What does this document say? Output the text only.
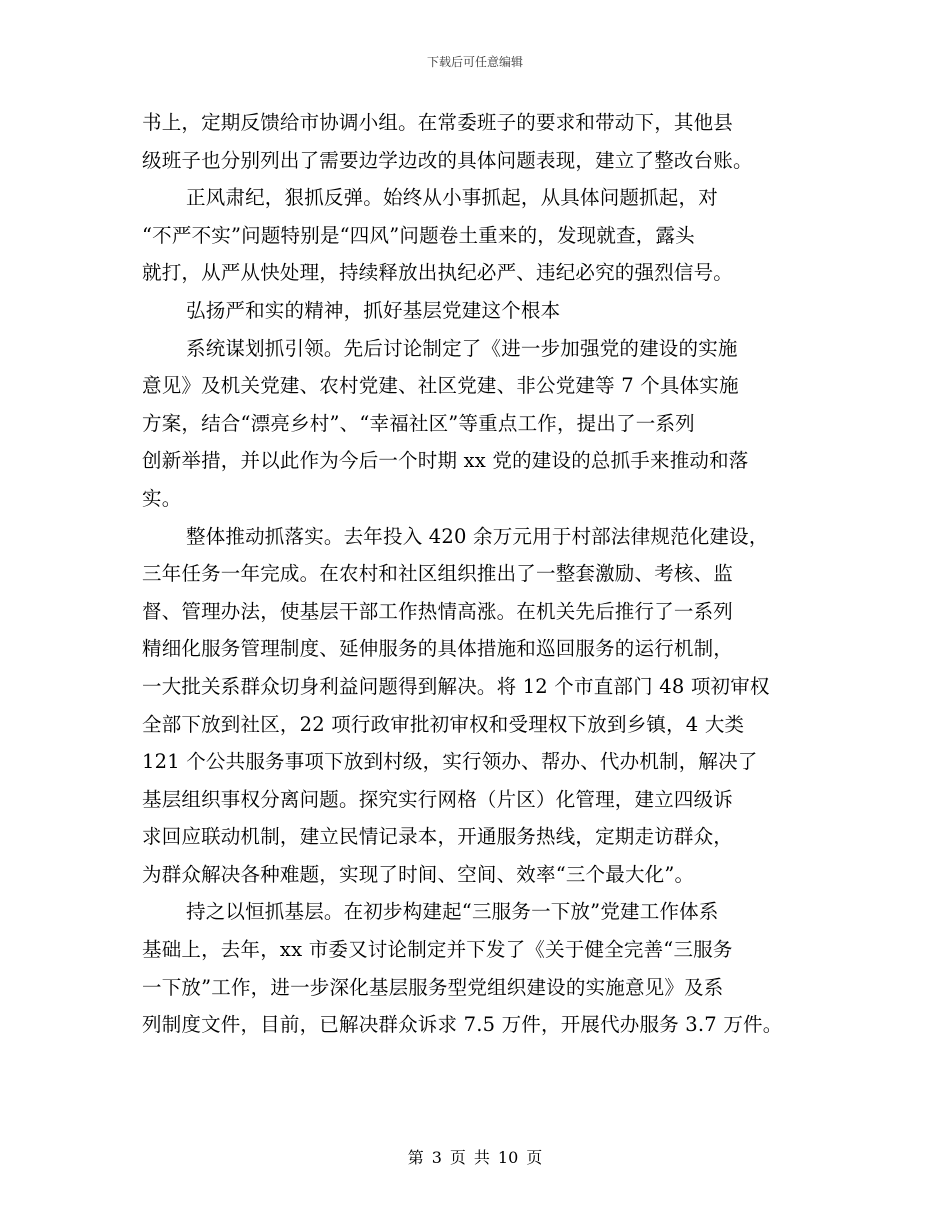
下载后可任意编辑
书上，定期反馈给市协调小组。在常委班子的要求和带动下，其他县
级班子也分别列出了需要边学边改的具体问题表现，建立了整改台账。
正风肃纪，狠抓反弹。始终从小事抓起，从具体问题抓起，对
“不严不实”问题特别是“四风”问题卷土重来的，发现就查，露头
就打，从严从快处理，持续释放出执纪必严、违纪必究的强烈信号。
弘扬严和实的精神，抓好基层党建这个根本
系统谋划抓引领。先后讨论制定了《进一步加强党的建设的实施
意见》及机关党建、农村党建、社区党建、非公党建等 7 个具体实施
方案，结合“漂亮乡村”、“幸福社区”等重点工作，提出了一系列
创新举措，并以此作为今后一个时期 xx 党的建设的总抓手来推动和落
实。
整体推动抓落实。去年投入 420 余万元用于村部法律规范化建设，
三年任务一年完成。在农村和社区组织推出了一整套激励、考核、监
督、管理办法，使基层干部工作热情高涨。在机关先后推行了一系列
精细化服务管理制度、延伸服务的具体措施和巡回服务的运行机制，
一大批关系群众切身利益问题得到解决。将 12 个市直部门 48 项初审权
全部下放到社区，22 项行政审批初审权和受理权下放到乡镇，4 大类
121 个公共服务事项下放到村级，实行领办、帮办、代办机制，解决了
基层组织事权分离问题。探究实行网格（片区）化管理，建立四级诉
求回应联动机制，建立民情记录本，开通服务热线，定期走访群众，
为群众解决各种难题，实现了时间、空间、效率“三个最大化”。
持之以恒抓基层。在初步构建起“三服务一下放”党建工作体系
基础上，去年，xx 市委又讨论制定并下发了《关于健全完善“三服务
一下放”工作，进一步深化基层服务型党组织建设的实施意见》及系
列制度文件，目前，已解决群众诉求 7.5 万件，开展代办服务 3.7 万件。
第 3 页 共 10 页
